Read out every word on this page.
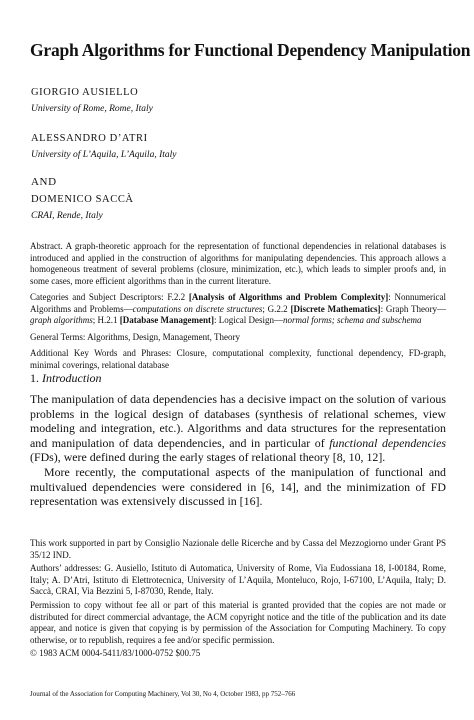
Graph Algorithms for Functional Dependency Manipulation
GIORGIO AUSIELLO
University of Rome, Rome, Italy
ALESSANDRO D’ATRI
University of L’Aquila, L’Aquila, Italy
AND
DOMENICO SACCÀ
CRAI, Rende, Italy

Abstract. A graph-theoretic approach for the representation of functional dependencies in relational databases is introduced and applied in the construction of algorithms for manipulating dependencies. This approach allows a homogeneous treatment of several problems (closure, minimization, etc.), which leads to simpler proofs and, in some cases, more efficient algorithms than in the current literature.

Categories and Subject Descriptors: F.2.2 [Analysis of Algorithms and Problem Complexity]: Nonnumerical Algorithms and Problems—computations on discrete structures; G.2.2 [Discrete Mathematics]: Graph Theory—graph algorithms; H.2.1 [Database Management]: Logical Design—normal forms; schema and subschema

General Terms: Algorithms, Design, Management, Theory

Additional Key Words and Phrases: Closure, computational complexity, functional dependency, FD-graph, minimal coverings, relational database

1. Introduction

The manipulation of data dependencies has a decisive impact on the solution of various problems in the logical design of databases (synthesis of relational schemes, view modeling and integration, etc.). Algorithms and data structures for the representation and manipulation of data dependencies, and in particular of functional dependencies (FDs), were defined during the early stages of relational theory [8, 10, 12].

More recently, the computational aspects of the manipulation of functional and multivalued dependencies were considered in [6, 14], and the minimization of FD representation was extensively discussed in [16].

This work supported in part by Consiglio Nazionale delle Ricerche and by Cassa del Mezzogiorno under Grant PS 35/12 IND.

Authors’ addresses: G. Ausiello, Istituto di Automatica, University of Rome, Via Eudossiana 18, I-00184, Rome, Italy; A. D’Atri, Istituto di Elettrotecnica, University of L’Aquila, Monteluco, Rojo, I-67100, L’Aquila, Italy; D. Saccà, CRAI, Via Bezzini 5, I-87030, Rende, Italy.

Permission to copy without fee all or part of this material is granted provided that the copies are not made or distributed for direct commercial advantage, the ACM copyright notice and the title of the publication and its date appear, and notice is given that copying is by permission of the Association for Computing Machinery. To copy otherwise, or to republish, requires a fee and/or specific permission.

© 1983 ACM 0004-5411/83/1000-0752 $00.75

Journal of the Association for Computing Machinery, Vol 30, No 4, October 1983, pp 752–766
